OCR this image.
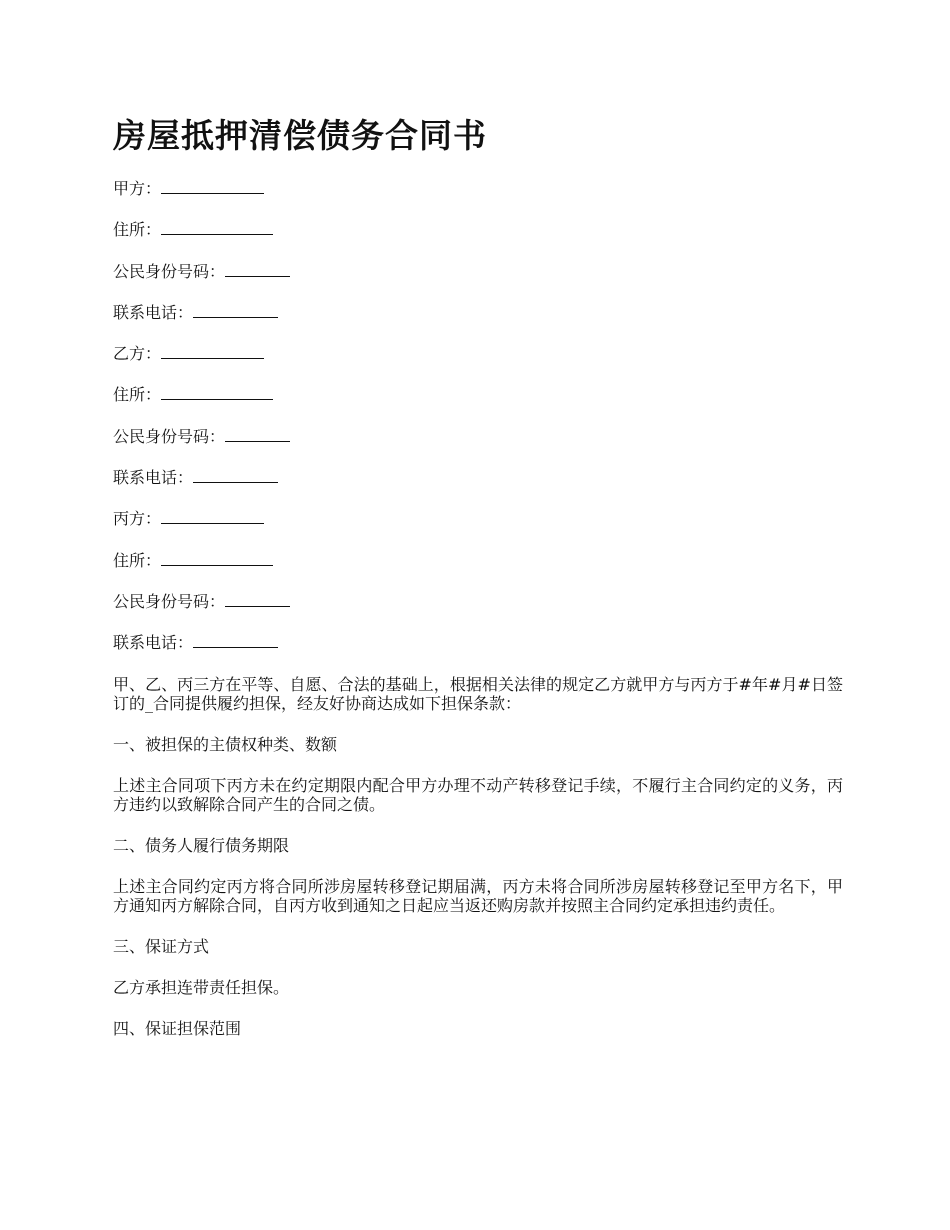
房屋抵押清偿债务合同书
甲方：
住所：
公民身份号码：
联系电话：
乙方：
住所：
公民身份号码：
联系电话：
丙方：
住所：
公民身份号码：
联系电话：

甲、乙、丙三方在平等、自愿、合法的基础上，根据相关法律的规定乙方就甲方与丙方于#年#月#日签订的_合同提供履约担保，经友好协商达成如下担保条款：

一、被担保的主债权种类、数额

上述主合同项下丙方未在约定期限内配合甲方办理不动产转移登记手续，不履行主合同约定的义务，丙方违约以致解除合同产生的合同之债。

二、债务人履行债务期限

上述主合同约定丙方将合同所涉房屋转移登记期届满，丙方未将合同所涉房屋转移登记至甲方名下，甲方通知丙方解除合同，自丙方收到通知之日起应当返还购房款并按照主合同约定承担违约责任。

三、保证方式

乙方承担连带责任担保。

四、保证担保范围
